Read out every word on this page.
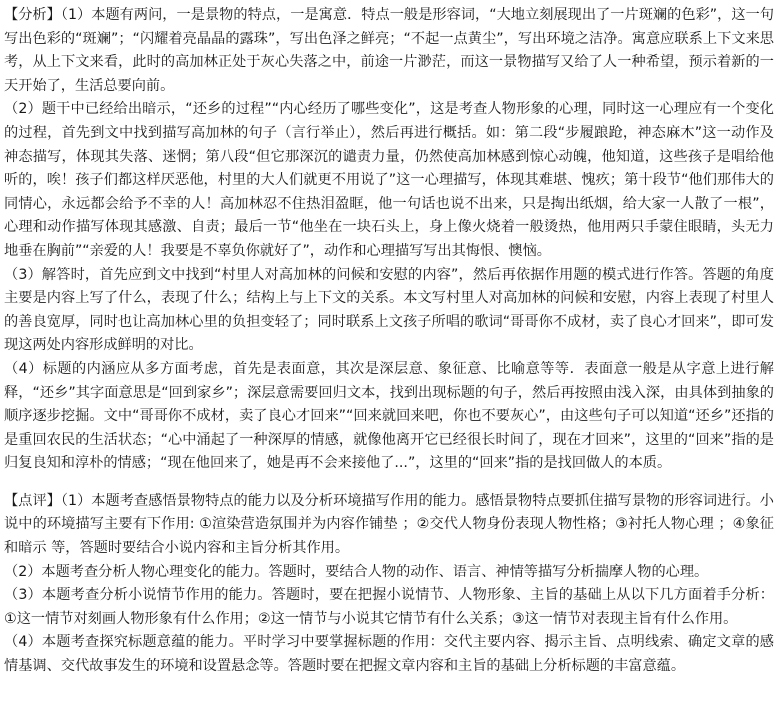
【分析】（1）本题有两问，一是景物的特点，一是寓意．特点一般是形容词，“大地立刻展现出了一片斑斓的色彩”，这一句写出色彩的“斑斓”；“闪耀着亮晶晶的露珠”，写出色泽之鲜亮；“不起一点黄尘”，写出环境之洁净。寓意应联系上下文来思考，从上下文来看，此时的高加林正处于灰心失落之中，前途一片渺茫，而这一景物描写又给了人一种希望，预示着新的一天开始了，生活总要向前。

（2）题干中已经给出暗示，“还乡的过程”“内心经历了哪些变化”，这是考查人物形象的心理，同时这一心理应有一个变化的过程，首先到文中找到描写高加林的句子（言行举止），然后再进行概括。如：第二段“步履踉跄，神态麻木”这一动作及神态描写，体现其失落、迷惘；第八段“但它那深沉的谴责力量，仍然使高加林感到惊心动魄，他知道，这些孩子是唱给他听的，唉！孩子们都这样厌恶他，村里的大人们就更不用说了”这一心理描写，体现其难堪、愧疚；第十段节“他们那伟大的同情心，永远都会给予不幸的人！高加林忍不住热泪盈眶，他一句话也说不出来，只是掏出纸烟，给大家一人散了一根”，心理和动作描写体现其感激、自责；最后一节“他坐在一块石头上，身上像火烧着一般烫热，他用两只手蒙住眼睛，头无力地垂在胸前”“亲爱的人！我要是不辜负你就好了”，动作和心理描写写出其悔恨、懊恼。

（3）解答时，首先应到文中找到“村里人对高加林的问候和安慰的内容”，然后再依据作用题的模式进行作答。答题的角度主要是内容上写了什么，表现了什么；结构上与上下文的关系。本文写村里人对高加林的问候和安慰，内容上表现了村里人的善良宽厚，同时也让高加林心里的负担变轻了；同时联系上文孩子所唱的歌词“哥哥你不成材，卖了良心才回来”，即可发现这两处内容形成鲜明的对比。

（4）标题的内涵应从多方面考虑，首先是表面意，其次是深层意、象征意、比喻意等等．表面意一般是从字意上进行解释，“还乡”其字面意思是“回到家乡”；深层意需要回归文本，找到出现标题的句子，然后再按照由浅入深，由具体到抽象的顺序逐步挖掘。文中“哥哥你不成材，卖了良心才回来”“回来就回来吧，你也不要灰心”，由这些句子可以知道“还乡”还指的是重回农民的生活状态；“心中涌起了一种深厚的情感，就像他离开它已经很长时间了，现在才回来”，这里的“回来”指的是归复良知和淳朴的情感；“现在他回来了，她是再不会来接他了...”，这里的“回来”指的是找回做人的本质。

【点评】（1）本题考查感悟景物特点的能力以及分析环境描写作用的能力。感悟景物特点要抓住描写景物的形容词进行。小说中的环境描写主要有下作用: ①渲染营造氛围并为内容作铺垫 ；②交代人物身份表现人物性格；③衬托人物心理 ；④象征和暗示 等，答题时要结合小说内容和主旨分析其作用。

（2）本题考查分析人物心理变化的能力。答题时，要结合人物的动作、语言、神情等描写分析揣摩人物的心理。

（3）本题考查分析小说情节作用的能力。答题时，要在把握小说情节、人物形象、主旨的基础上从以下几方面着手分析：①这一情节对刻画人物形象有什么作用；②这一情节与小说其它情节有什么关系；③这一情节对表现主旨有什么作用。

（4）本题考查探究标题意蕴的能力。平时学习中要掌握标题的作用：交代主要内容、揭示主旨、点明线索、确定文章的感情基调、交代故事发生的环境和设置悬念等。答题时要在把握文章内容和主旨的基础上分析标题的丰富意蕴。
